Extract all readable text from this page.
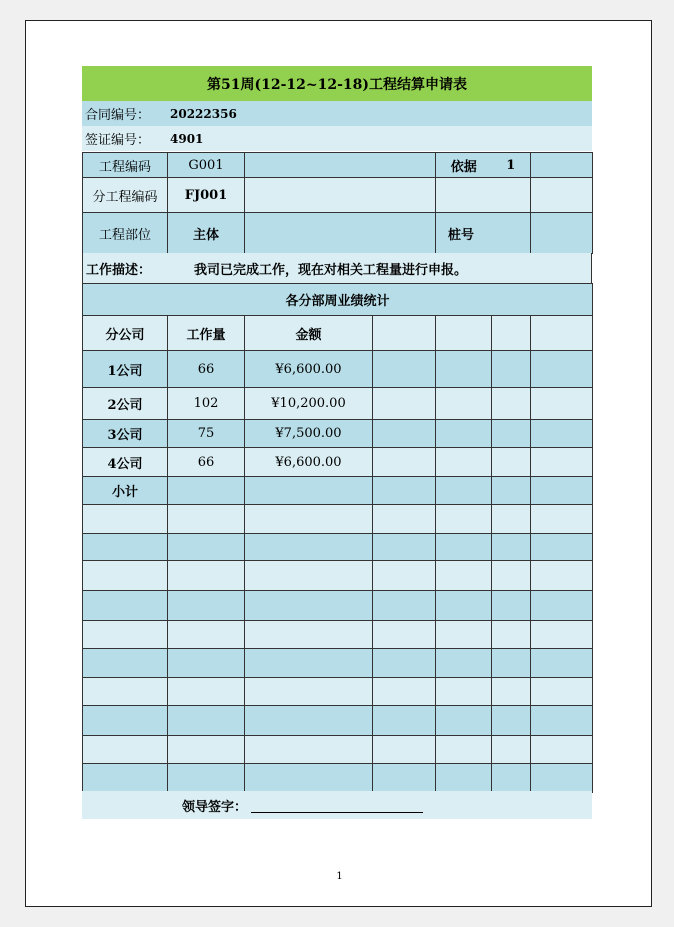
第51周(12-12~12-18)工程结算申请表
合同编号：	20222356
签证编号：	4901
工程编码	G001		依据	1	
分工程编码	FJ001				
工程部位	主体		桩号		
工作描述：	我司已完成工作，现在对相关工程量进行申报。
各分部周业绩统计						
分公司	工作量	金额				
1公司	66	¥6,600.00				
2公司	102	¥10,200.00				
3公司	75	¥7,500.00				
4公司	66	¥6,600.00				
小计						

领导签字：
1
